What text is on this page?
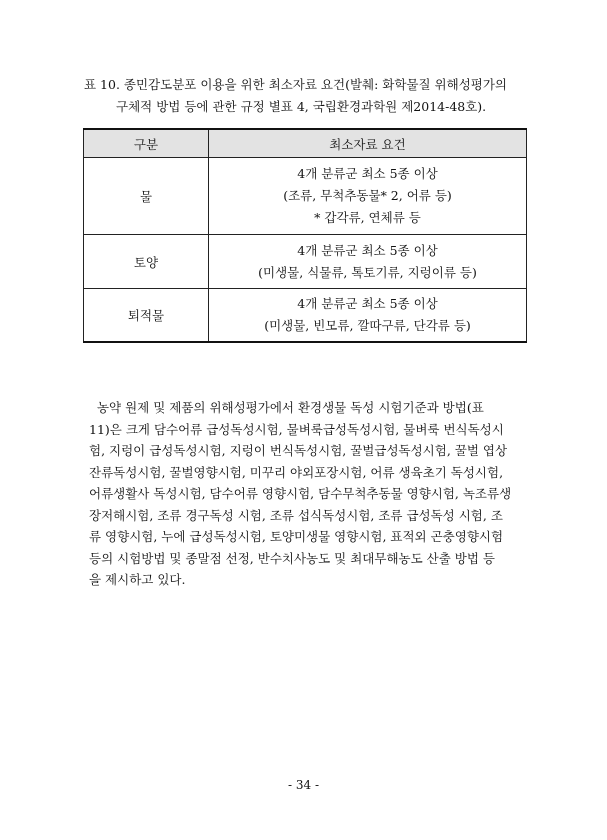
표 10. 종민감도분포 이용을 위한 최소자료 요건(발췌: 화학물질 위해성평가의
구체적 방법 등에 관한 규정 별표 4, 국립환경과학원 제2014-48호).
구분	최소자료 요건
물	4개 분류군 최소 5종 이상
(조류, 무척추동물* 2, 어류 등)
* 갑각류, 연체류 등

토양	4개 분류군 최소 5종 이상
(미생물, 식물류, 톡토기류, 지렁이류 등)

퇴적물	4개 분류군 최소 5종 이상
(미생물, 빈모류, 깔따구류, 단각류 등)
농약 원제 및 제품의 위해성평가에서 환경생물 독성 시험기준과 방법(표
11)은 크게 담수어류 급성독성시험, 물벼룩급성독성시험, 물벼룩 번식독성시
험, 지렁이 급성독성시험, 지렁이 번식독성시험, 꿀벌급성독성시험, 꿀벌 엽상
잔류독성시험, 꿀벌영향시험, 미꾸리 야외포장시험, 어류 생육초기 독성시험,
어류생활사 독성시험, 담수어류 영향시험, 담수무척추동물 영향시험, 녹조류생
장저해시험, 조류 경구독성 시험, 조류 섭식독성시험, 조류 급성독성 시험, 조
류 영향시험, 누에 급성독성시험, 토양미생물 영향시험, 표적외 곤충영향시험
등의 시험방법 및 종말점 선정, 반수치사농도 및 최대무해농도 산출 방법 등
을 제시하고 있다.
- 34 -
